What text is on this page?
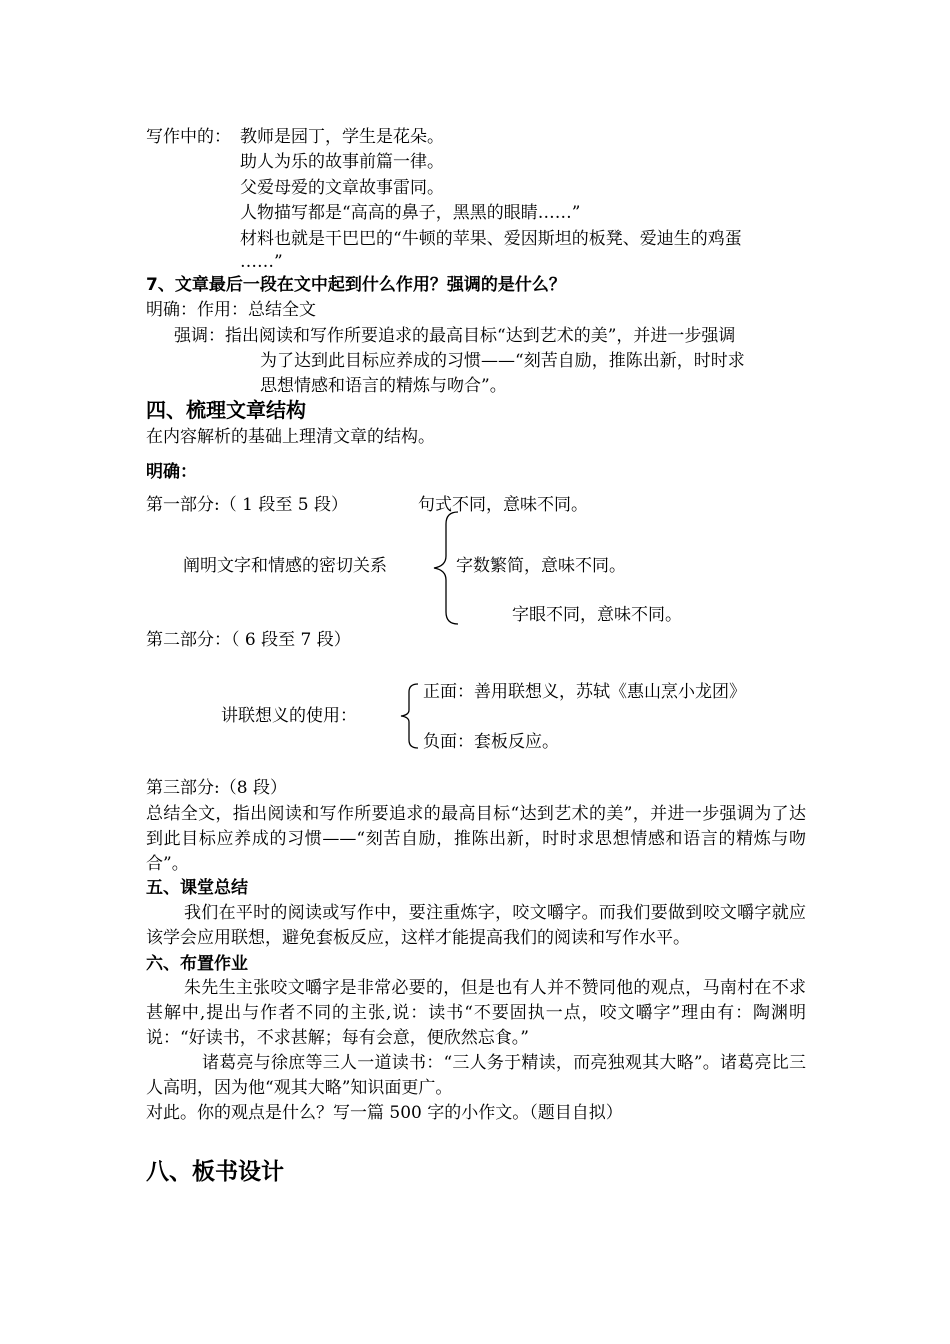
写作中的： 教师是园丁，学生是花朵。
助人为乐的故事前篇一律。
父爱母爱的文章故事雷同。
人物描写都是“高高的鼻子，黑黑的眼睛……”
材料也就是干巴巴的“牛顿的苹果、爱因斯坦的板凳、爱迪生的鸡蛋
……”
7、文章最后一段在文中起到什么作用？强调的是什么？
明确：作用：总结全文
强调：指出阅读和写作所要追求的最高目标“达到艺术的美”，并进一步强调
为了达到此目标应养成的习惯——“刻苦自励，推陈出新，时时求
思想情感和语言的精炼与吻合”。
四、梳理文章结构
在内容解析的基础上理清文章的结构。
明确：
第一部分:（ 1 段至 5 段）	句式不同，意味不同。
阐明文字和情感的密切关系	字数繁简，意味不同。
字眼不同，意味不同。
第二部分：（ 6 段至 7 段）
讲联想义的使用：
正面：善用联想义，苏轼《惠山烹小龙团》
负面：套板反应。
第三部分:（8 段）
总结全文，指出阅读和写作所要追求的最高目标“达到艺术的美”，并进一步强调为了达到此目标应养成的习惯——“刻苦自励，推陈出新，时时求思想情感和语言的精炼与吻合”。
五、课堂总结
我们在平时的阅读或写作中，要注重炼字，咬文嚼字。而我们要做到咬文嚼字就应该学会应用联想，避免套板反应，这样才能提高我们的阅读和写作水平。
六、布置作业
朱先生主张咬文嚼字是非常必要的，但是也有人并不赞同他的观点，马南村在不求甚解中,提出与作者不同的主张,说：读书“不要固执一点，咬文嚼字”理由有：陶渊明说：“好读书，不求甚解；每有会意，便欣然忘食。”
诸葛亮与徐庶等三人一道读书：“三人务于精读，而亮独观其大略”。诸葛亮比三人高明，因为他“观其大略”知识面更广。
对此。你的观点是什么？写一篇 500 字的小作文。（题目自拟）
八、板书设计
